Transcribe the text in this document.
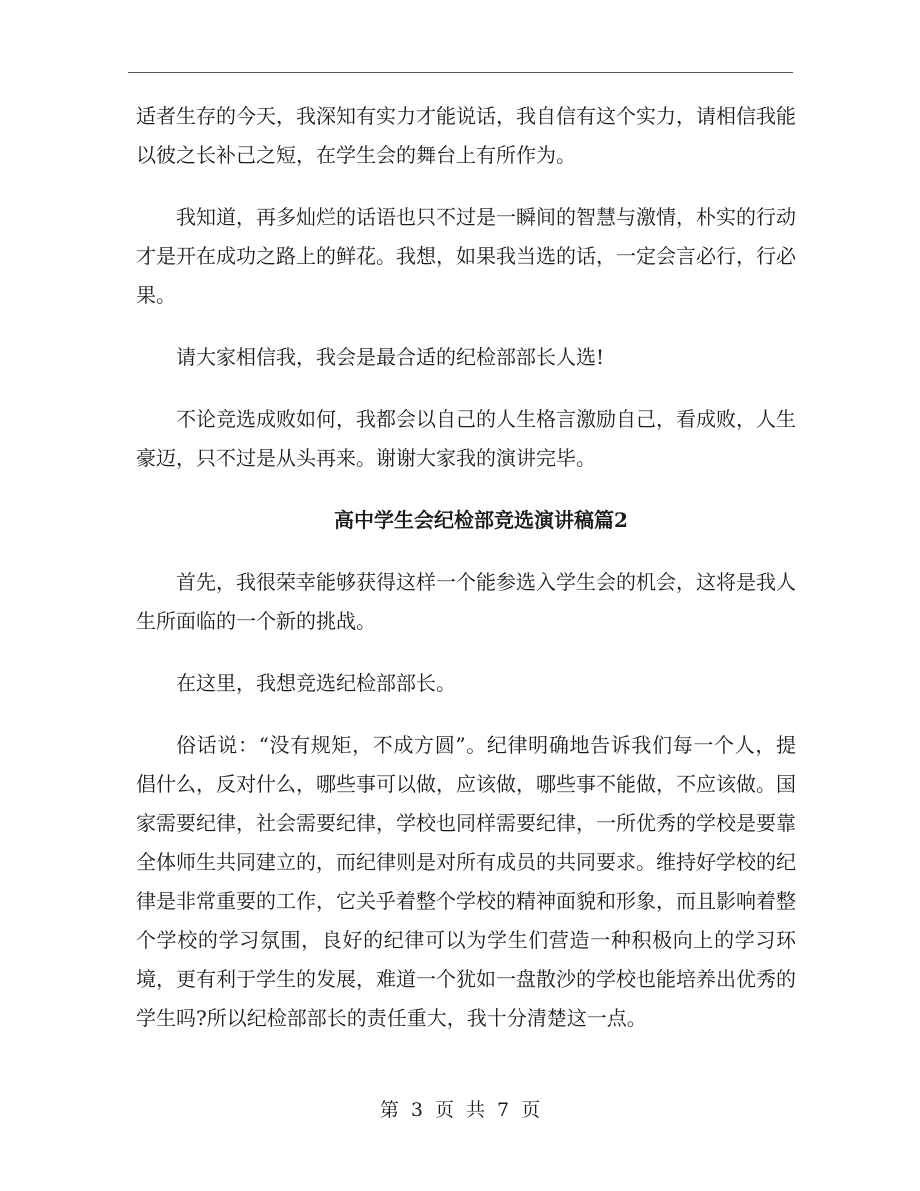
适者生存的今天，我深知有实力才能说话，我自信有这个实力，请相信我能以彼之长补己之短，在学生会的舞台上有所作为。

我知道，再多灿烂的话语也只不过是一瞬间的智慧与激情，朴实的行动才是开在成功之路上的鲜花。我想，如果我当选的话，一定会言必行，行必果。

请大家相信我，我会是最合适的纪检部部长人选!

不论竞选成败如何，我都会以自己的人生格言激励自己，看成败，人生豪迈，只不过是从头再来。谢谢大家我的演讲完毕。

高中学生会纪检部竞选演讲稿篇2

首先，我很荣幸能够获得这样一个能参选入学生会的机会，这将是我人生所面临的一个新的挑战。

在这里，我想竞选纪检部部长。

俗话说：“没有规矩，不成方圆”。纪律明确地告诉我们每一个人，提倡什么，反对什么，哪些事可以做，应该做，哪些事不能做，不应该做。国家需要纪律，社会需要纪律，学校也同样需要纪律，一所优秀的学校是要靠全体师生共同建立的，而纪律则是对所有成员的共同要求。维持好学校的纪律是非常重要的工作，它关乎着整个学校的精神面貌和形象，而且影响着整个学校的学习氛围，良好的纪律可以为学生们营造一种积极向上的学习环境，更有利于学生的发展，难道一个犹如一盘散沙的学校也能培养出优秀的学生吗?所以纪检部部长的责任重大，我十分清楚这一点。

第 3 页 共 7 页
